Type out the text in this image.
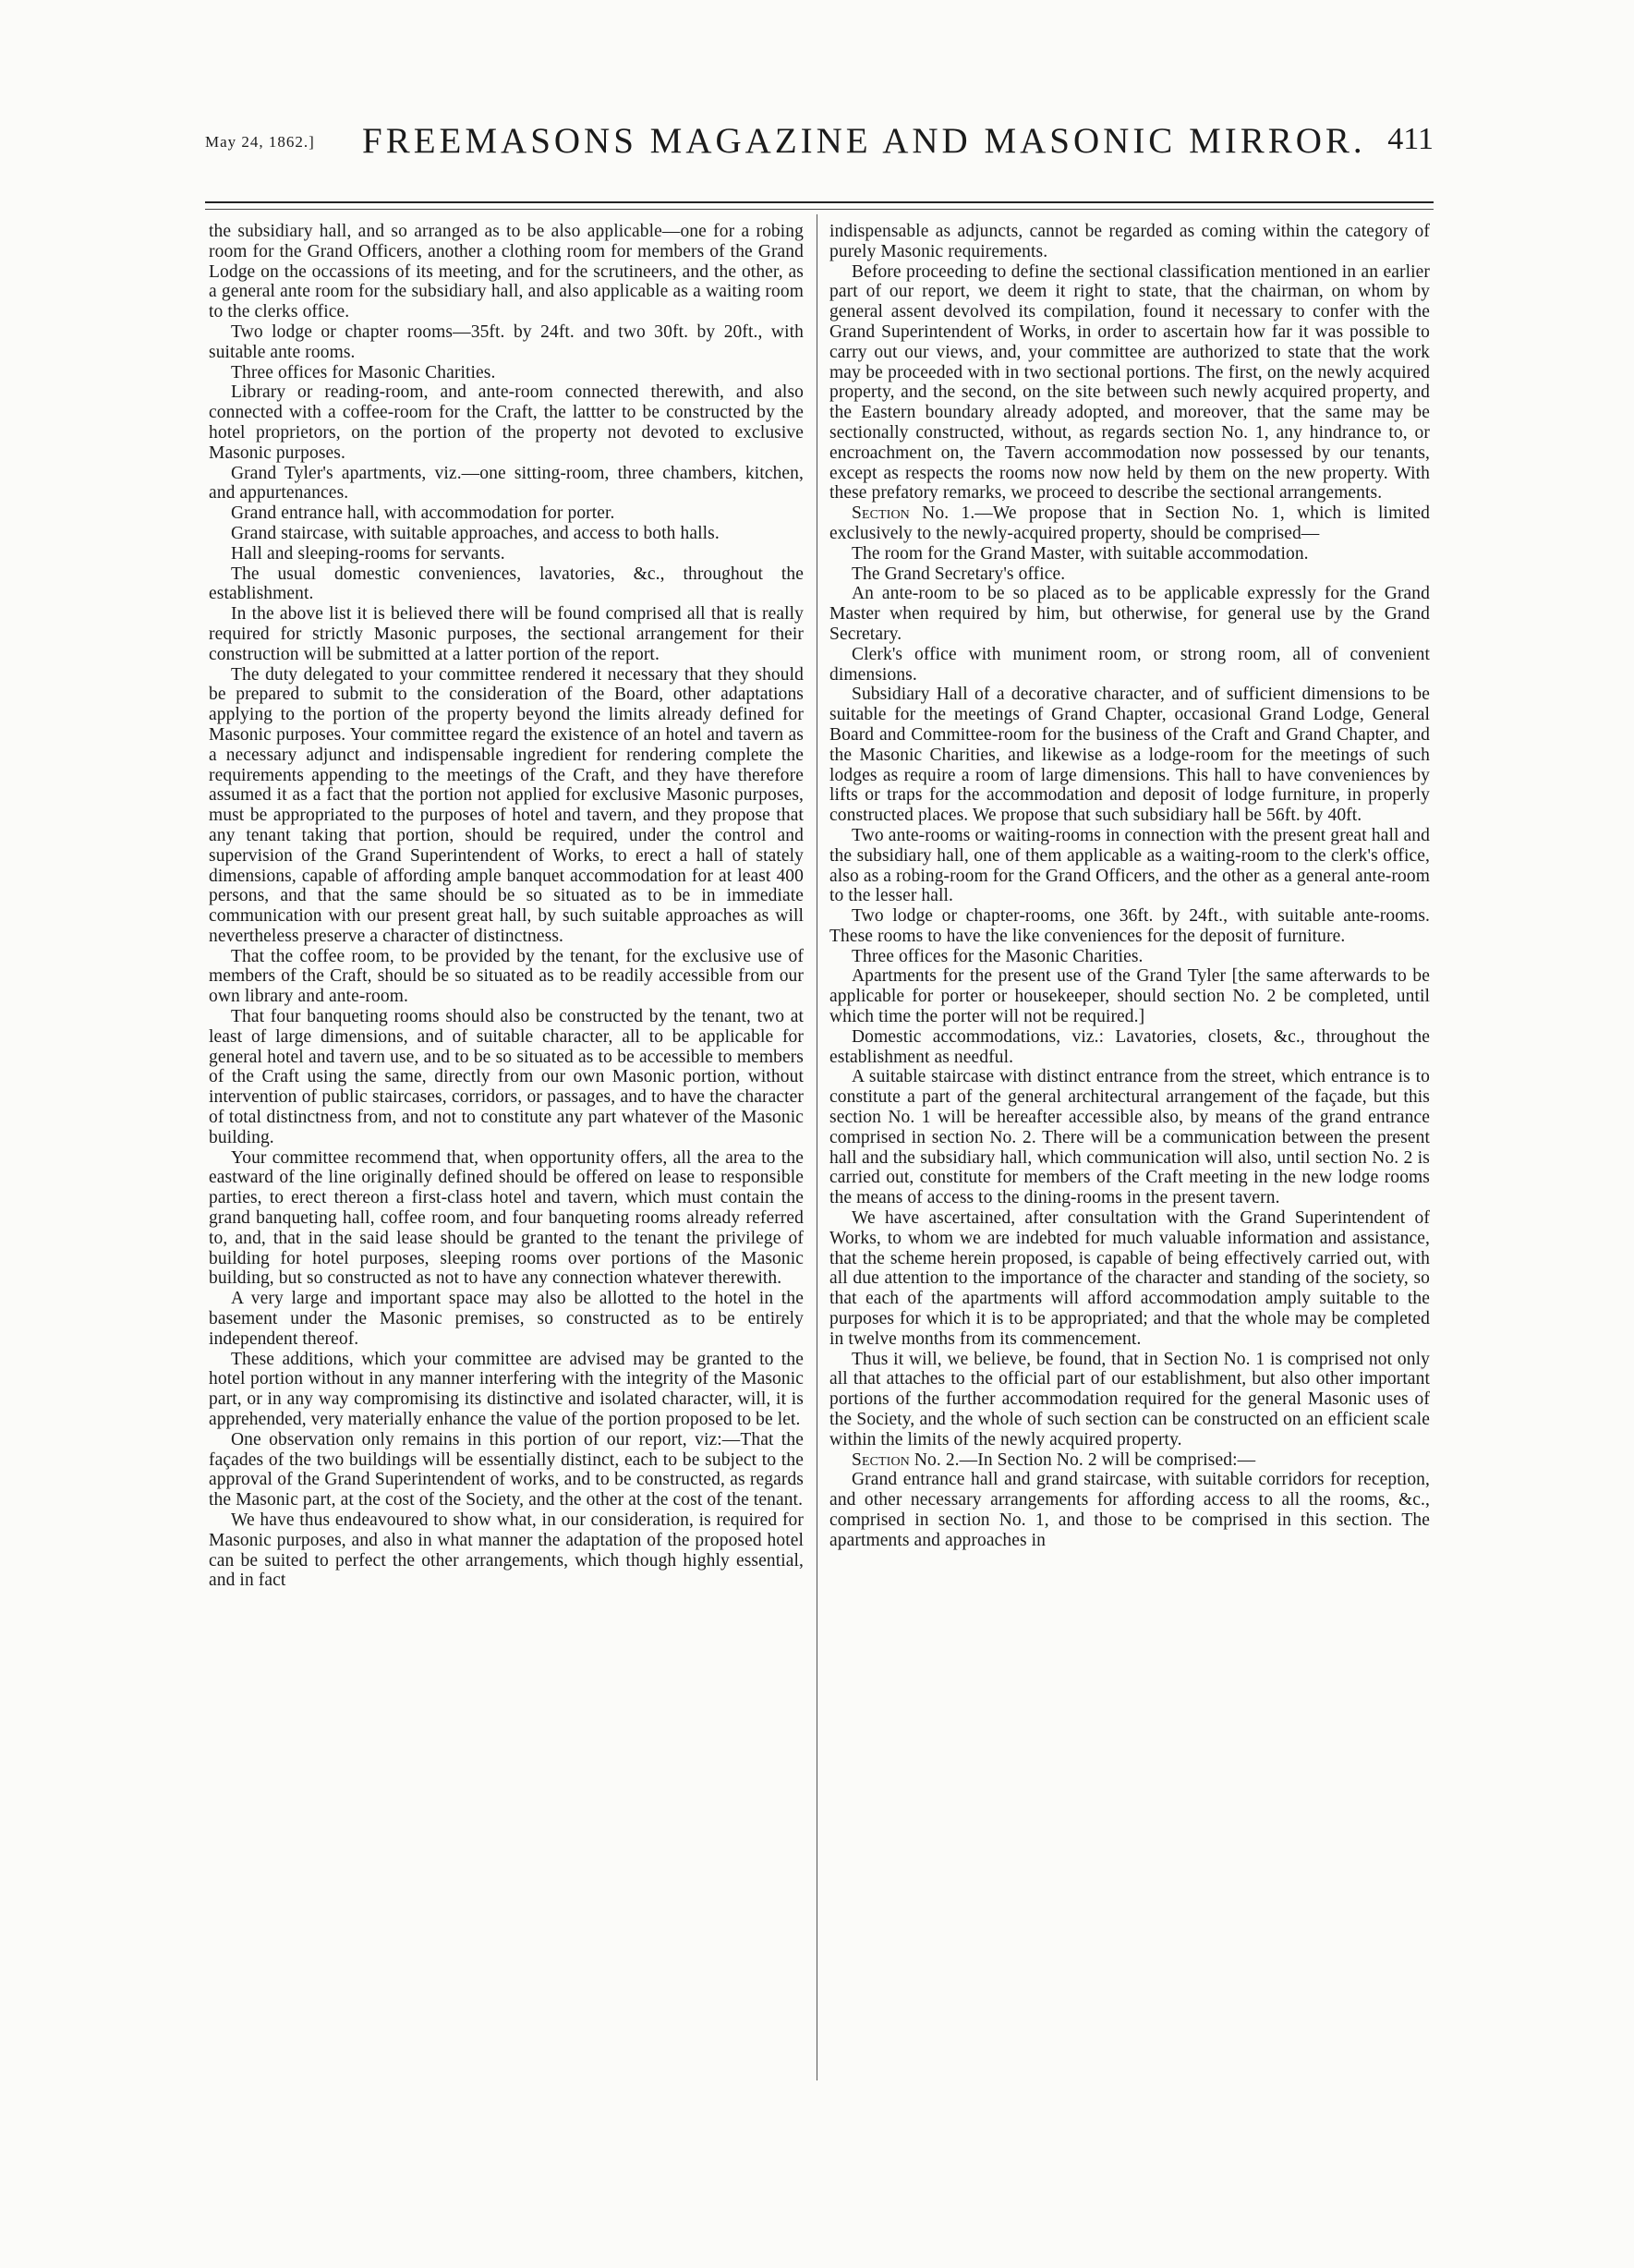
May 24, 1862.] FREEMASONS MAGAZINE AND MASONIC MIRROR. 411

the subsidiary hall, and so arranged as to be also applicable—one for a robing room for the Grand Officers, another a clothing room for members of the Grand Lodge on the occassions of its meeting, and for the scrutineers, and the other, as a general ante room for the subsidiary hall, and also applicable as a waiting room to the clerks office.

Two lodge or chapter rooms—35ft. by 24ft. and two 30ft. by 20ft., with suitable ante rooms.

Three offices for Masonic Charities.

Library or reading-room, and ante-room connected therewith, and also connected with a coffee-room for the Craft, the lattter to be constructed by the hotel proprietors, on the portion of the property not devoted to exclusive Masonic purposes.

Grand Tyler's apartments, viz.—one sitting-room, three chambers, kitchen, and appurtenances.

Grand entrance hall, with accommodation for porter.

Grand staircase, with suitable approaches, and access to both halls.

Hall and sleeping-rooms for servants.

The usual domestic conveniences, lavatories, &c., throughout the establishment.

In the above list it is believed there will be found comprised all that is really required for strictly Masonic purposes, the sectional arrangement for their construction will be submitted at a latter portion of the report.

The duty delegated to your committee rendered it necessary that they should be prepared to submit to the consideration of the Board, other adaptations applying to the portion of the property beyond the limits already defined for Masonic purposes. Your committee regard the existence of an hotel and tavern as a necessary adjunct and indispensable ingredient for rendering complete the requirements appending to the meetings of the Craft, and they have therefore assumed it as a fact that the portion not applied for exclusive Masonic purposes, must be appropriated to the purposes of hotel and tavern, and they propose that any tenant taking that portion, should be required, under the control and supervision of the Grand Superintendent of Works, to erect a hall of stately dimensions, capable of affording ample banquet accommodation for at least 400 persons, and that the same should be so situated as to be in immediate communication with our present great hall, by such suitable approaches as will nevertheless preserve a character of distinctness.

That the coffee room, to be provided by the tenant, for the exclusive use of members of the Craft, should be so situated as to be readily accessible from our own library and ante-room.

That four banqueting rooms should also be constructed by the tenant, two at least of large dimensions, and of suitable character, all to be applicable for general hotel and tavern use, and to be so situated as to be accessible to members of the Craft using the same, directly from our own Masonic portion, without intervention of public staircases, corridors, or passages, and to have the character of total distinctness from, and not to constitute any part whatever of the Masonic building.

Your committee recommend that, when opportunity offers, all the area to the eastward of the line originally defined should be offered on lease to responsible parties, to erect thereon a first-class hotel and tavern, which must contain the grand banqueting hall, coffee room, and four banqueting rooms already referred to, and, that in the said lease should be granted to the tenant the privilege of building for hotel purposes, sleeping rooms over portions of the Masonic building, but so constructed as not to have any connection whatever therewith.

A very large and important space may also be allotted to the hotel in the basement under the Masonic premises, so constructed as to be entirely independent thereof.

These additions, which your committee are advised may be granted to the hotel portion without in any manner interfering with the integrity of the Masonic part, or in any way compromising its distinctive and isolated character, will, it is apprehended, very materially enhance the value of the portion proposed to be let.

One observation only remains in this portion of our report, viz:—That the façades of the two buildings will be essentially distinct, each to be subject to the approval of the Grand Superintendent of works, and to be constructed, as regards the Masonic part, at the cost of the Society, and the other at the cost of the tenant.

We have thus endeavoured to show what, in our consideration, is required for Masonic purposes, and also in what manner the adaptation of the proposed hotel can be suited to perfect the other arrangements, which though highly essential, and in fact

indispensable as adjuncts, cannot be regarded as coming within the category of purely Masonic requirements.

Before proceeding to define the sectional classification mentioned in an earlier part of our report, we deem it right to state, that the chairman, on whom by general assent devolved its compilation, found it necessary to confer with the Grand Superintendent of Works, in order to ascertain how far it was possible to carry out our views, and, your committee are authorized to state that the work may be proceeded with in two sectional portions. The first, on the newly acquired property, and the second, on the site between such newly acquired property, and the Eastern boundary already adopted, and moreover, that the same may be sectionally constructed, without, as regards section No. 1, any hindrance to, or encroachment on, the Tavern accommodation now possessed by our tenants, except as respects the rooms now now held by them on the new property. With these prefatory remarks, we proceed to describe the sectional arrangements.

Section No. 1.—We propose that in Section No. 1, which is limited exclusively to the newly-acquired property, should be comprised—

The room for the Grand Master, with suitable accommodation.

The Grand Secretary's office.

An ante-room to be so placed as to be applicable expressly for the Grand Master when required by him, but otherwise, for general use by the Grand Secretary.

Clerk's office with muniment room, or strong room, all of convenient dimensions.

Subsidiary Hall of a decorative character, and of sufficient dimensions to be suitable for the meetings of Grand Chapter, occasional Grand Lodge, General Board and Committee-room for the business of the Craft and Grand Chapter, and the Masonic Charities, and likewise as a lodge-room for the meetings of such lodges as require a room of large dimensions. This hall to have conveniences by lifts or traps for the accommodation and deposit of lodge furniture, in properly constructed places. We propose that such subsidiary hall be 56ft. by 40ft.

Two ante-rooms or waiting-rooms in connection with the present great hall and the subsidiary hall, one of them applicable as a waiting-room to the clerk's office, also as a robing-room for the Grand Officers, and the other as a general ante-room to the lesser hall.

Two lodge or chapter-rooms, one 36ft. by 24ft., with suitable ante-rooms. These rooms to have the like conveniences for the deposit of furniture.

Three offices for the Masonic Charities.

Apartments for the present use of the Grand Tyler [the same afterwards to be applicable for porter or housekeeper, should section No. 2 be completed, until which time the porter will not be required.]

Domestic accommodations, viz.: Lavatories, closets, &c., throughout the establishment as needful.

A suitable staircase with distinct entrance from the street, which entrance is to constitute a part of the general architectural arrangement of the façade, but this section No. 1 will be hereafter accessible also, by means of the grand entrance comprised in section No. 2. There will be a communication between the present hall and the subsidiary hall, which communication will also, until section No. 2 is carried out, constitute for members of the Craft meeting in the new lodge rooms the means of access to the dining-rooms in the present tavern.

We have ascertained, after consultation with the Grand Superintendent of Works, to whom we are indebted for much valuable information and assistance, that the scheme herein proposed, is capable of being effectively carried out, with all due attention to the importance of the character and standing of the society, so that each of the apartments will afford accommodation amply suitable to the purposes for which it is to be appropriated; and that the whole may be completed in twelve months from its commencement.

Thus it will, we believe, be found, that in Section No. 1 is comprised not only all that attaches to the official part of our establishment, but also other important portions of the further accommodation required for the general Masonic uses of the Society, and the whole of such section can be constructed on an efficient scale within the limits of the newly acquired property.

Section No. 2.—In Section No. 2 will be comprised:—

Grand entrance hall and grand staircase, with suitable corridors for reception, and other necessary arrangements for affording access to all the rooms, &c., comprised in section No. 1, and those to be comprised in this section. The apartments and approaches in
